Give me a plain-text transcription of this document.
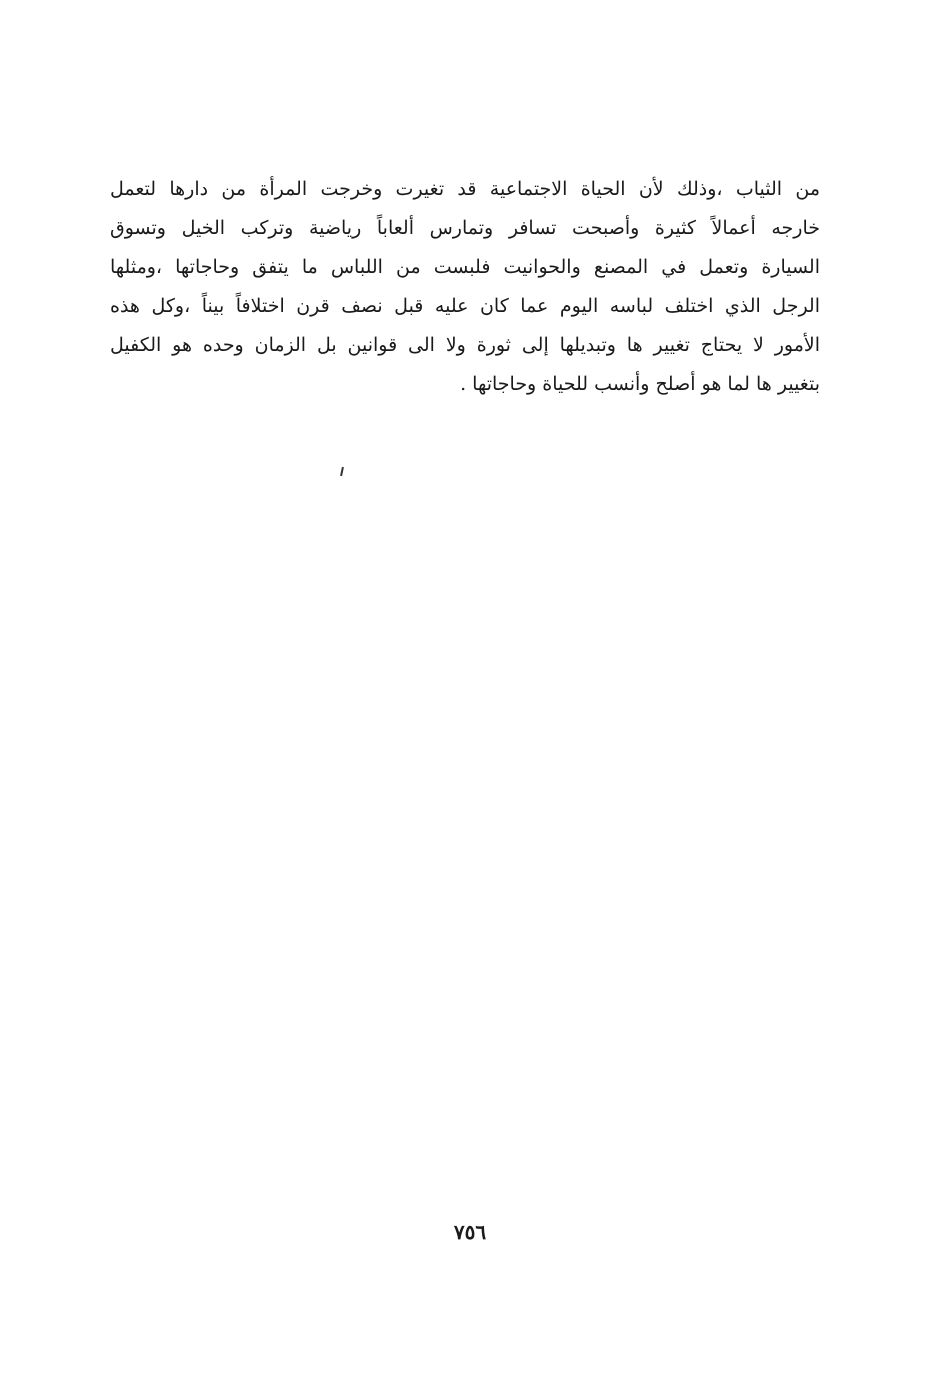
من الثياب ،وذلك لأن الحياة الاجتماعية قد تغيرت وخرجت المرأة من دارها لتعمل
خارجه أعمالاً كثيرة وأصبحت تسافر وتمارس ألعاباً رياضية وتركب الخيل وتسوق
السيارة وتعمل في المصنع والحوانيت فلبست من اللباس ما يتفق وحاجاتها ،ومثلها
الرجل الذي اختلف لباسه اليوم عما كان عليه قبل نصف قرن اختلافاً بيناً ،وكل هذه
الأمور لا يحتاج تغيير ها وتبديلها إلى ثورة ولا الى قوانين بل الزمان وحده هو الكفيل
بتغيير ها لما هو أصلح وأنسب للحياة وحاجاتها .
٧٥٦
